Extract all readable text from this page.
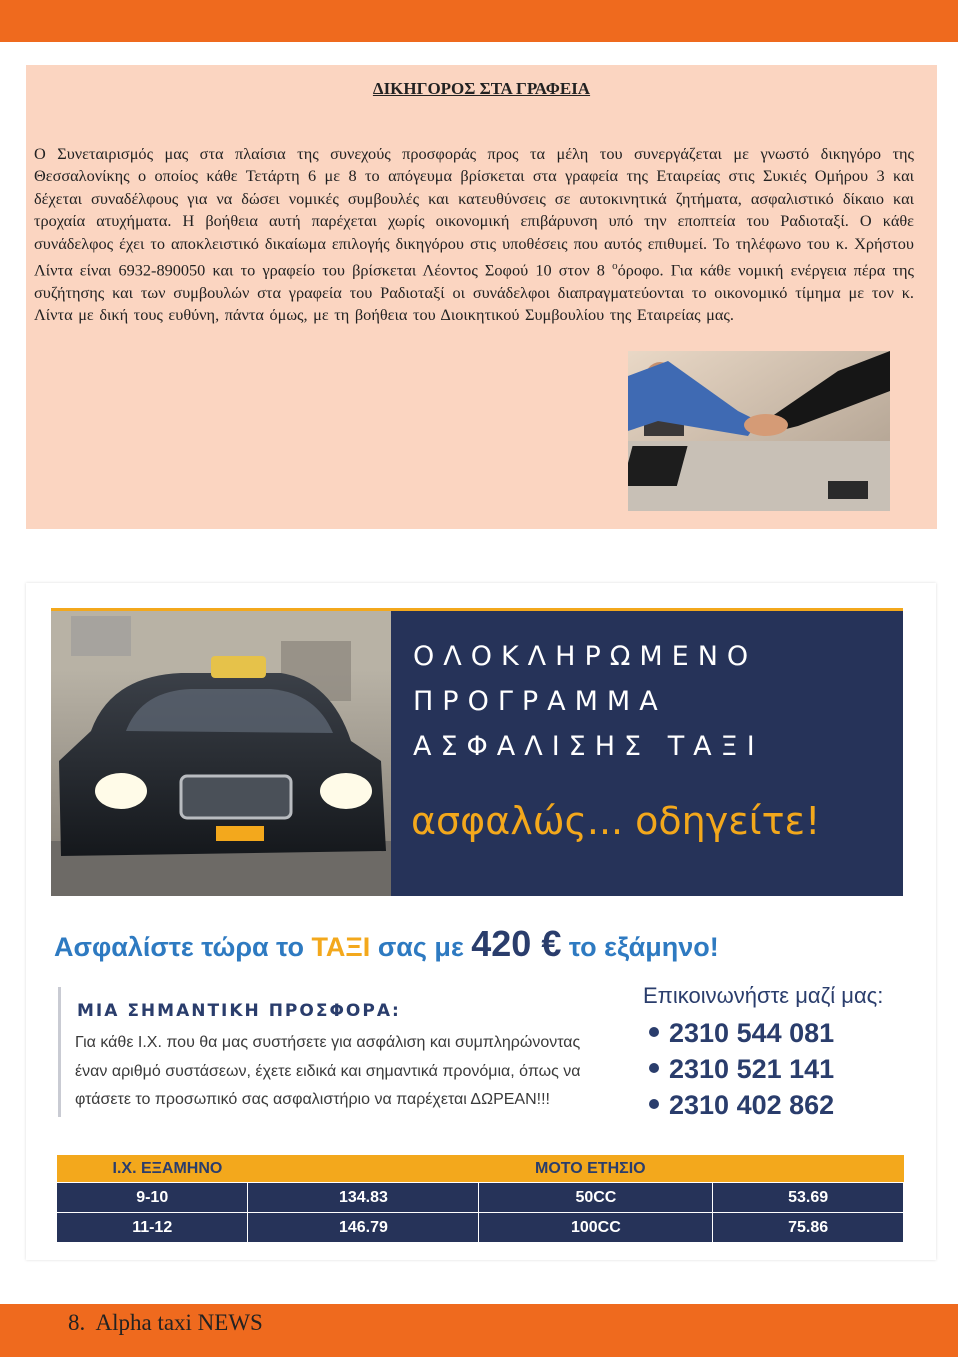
ΔΙΚΗΓΟΡΟΣ ΣΤΑ ΓΡΑΦΕΙΑ
Ο Συνεταιρισμός μας στα πλαίσια της συνεχούς προσφοράς προς τα μέλη του συνεργάζεται με γνωστό δικηγόρο της Θεσσαλονίκης ο οποίος κάθε Τετάρτη 6 με 8 το απόγευμα βρίσκεται στα γραφεία της Εταιρείας στις Συκιές Ομήρου 3 και δέχεται συναδέλφους για να δώσει νομικές συμβουλές και κατευθύνσεις σε αυτοκινητικά ζητήματα, ασφαλιστικό δίκαιο και τροχαία ατυχήματα. Η βοήθεια αυτή παρέχεται χωρίς οικονομική επιβάρυνση υπό την εποπτεία του Ραδιοταξί. Ο κάθε συνάδελφος έχει το αποκλειστικό δικαίωμα επιλογής δικηγόρου στις υποθέσεις που αυτός επιθυμεί. Το τηλέφωνο του κ. Χρήστου Λίντα είναι 6932-890050 και το γραφείο του βρίσκεται Λέοντος Σοφού 10 στον 8 $^o$όροφο. Για κάθε νομική ενέργεια πέρα της συζήτησης και των συμβουλών στα γραφεία του Ραδιοταξί οι συνάδελφοι διαπραγματεύονται το οικονομικό τίμημα με τον κ. Λίντα με δική τους ευθύνη, πάντα όμως, με τη βοήθεια του Διοικητικού Συμβουλίου της Εταιρείας μας.
ΟΛΟΚΛΗΡΩΜΕΝΟ
ΠΡΟΓΡΑΜΜΑ
ΑΣΦΑΛΙΣΗΣ ΤΑΞΙ
ασφαλώς... οδηγείτε!
Ασφαλίστε τώρα το ΤΑΞΙ σας με 420 € το εξάμηνο!
ΜΙΑ ΣΗΜΑΝΤΙΚΗ ΠΡΟΣΦΟΡΑ:
Για κάθε Ι.Χ. που θα μας συστήσετε για ασφάλιση και συμπληρώνοντας έναν αριθμό συστάσεων, έχετε ειδικά και σημαντικά προνόμια, όπως να φτάσετε το προσωπικό σας ασφαλιστήριο να παρέχεται ΔΩΡΕΑΝ!!!
Επικοινωνήστε μαζί μας:
2310 544 081
2310 521 141
2310 402 862
Ι.Χ. ΕΞΑΜΗΝΟ		ΜΟΤΟ ΕΤΗΣΙΟ	
9-10	134.83	50CC	53.69
11-12	146.79	100CC	75.86
8.  Alpha taxi NEWS
